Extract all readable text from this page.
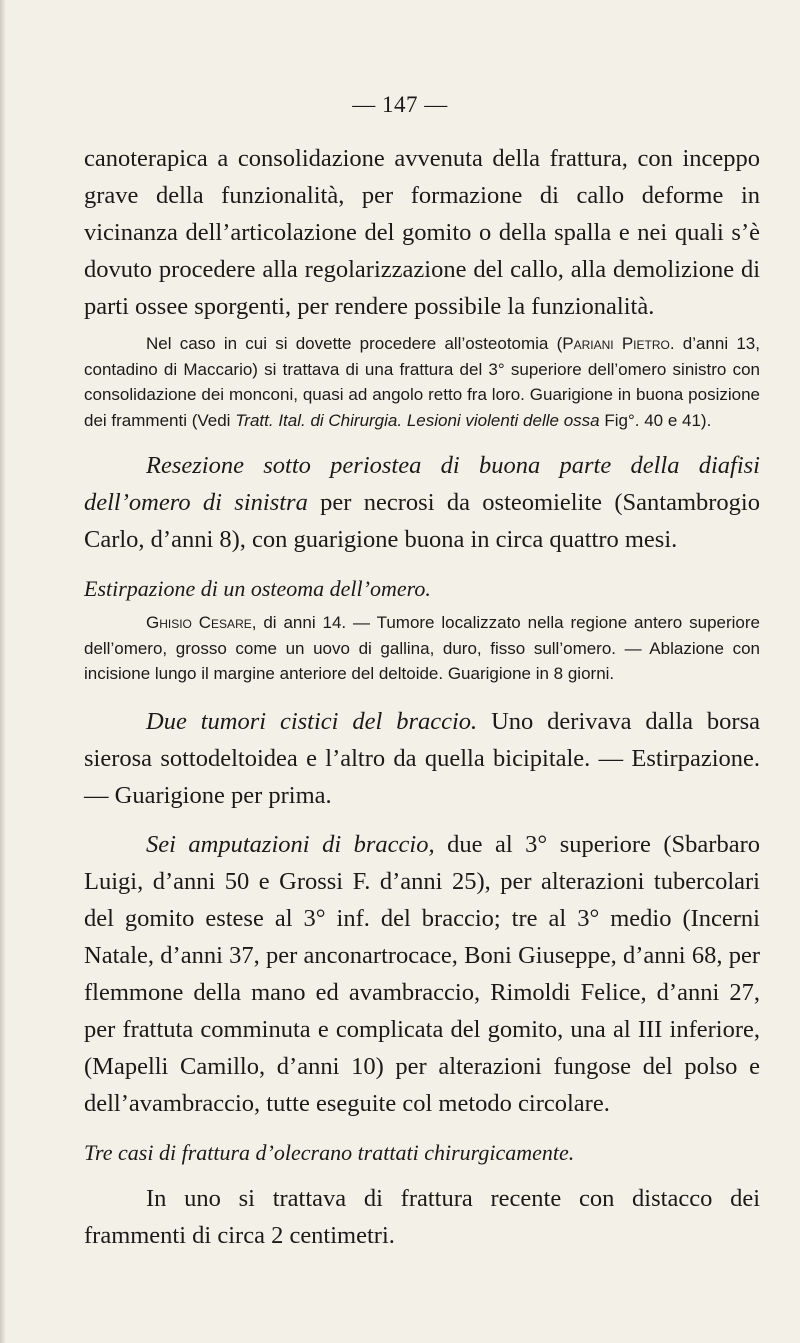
— 147 —

canoterapica a consolidazione avvenuta della frattura, con inceppo grave della funzionalità, per formazione di callo deforme in vicinanza dell’articolazione del gomito o della spalla e nei quali s’è dovuto procedere alla regolarizzazione del callo, alla demolizione di parti ossee sporgenti, per rendere possibile la funzionalità.

Nel caso in cui si dovette procedere all’osteotomia (Pariani Pietro. d’anni 13, contadino di Maccario) si trattava di una frattura del 3° superiore dell’omero sinistro con consolidazione dei monconi, quasi ad angolo retto fra loro. Guarigione in buona posizione dei frammenti (Vedi Tratt. Ital. di Chirurgia. Lesioni violenti delle ossa Fig°. 40 e 41).

Resezione sotto periostea di buona parte della diafisi dell’omero di sinistra per necrosi da osteomielite (Santambrogio Carlo, d’anni 8), con guarigione buona in circa quattro mesi.

Estirpazione di un osteoma dell’omero.

Ghisio Cesare, di anni 14. — Tumore localizzato nella regione antero superiore dell’omero, grosso come un uovo di gallina, duro, fisso sull’omero. — Ablazione con incisione lungo il margine anteriore del deltoide. Guarigione in 8 giorni.

Due tumori cistici del braccio. Uno derivava dalla borsa sierosa sottodeltoidea e l’altro da quella bicipitale. — Estirpazione. — Guarigione per prima.

Sei amputazioni di braccio, due al 3° superiore (Sbarbaro Luigi, d’anni 50 e Grossi F. d’anni 25), per alterazioni tubercolari del gomito estese al 3° inf. del braccio; tre al 3° medio (Incerni Natale, d’anni 37, per anconartrocace, Boni Giuseppe, d’anni 68, per flemmone della mano ed avambraccio, Rimoldi Felice, d’anni 27, per frattuta comminuta e complicata del gomito, una al III inferiore, (Mapelli Camillo, d’anni 10) per alterazioni fungose del polso e dell’avambraccio, tutte eseguite col metodo circolare.

Tre casi di frattura d’olecrano trattati chirurgicamente.

In uno si trattava di frattura recente con distacco dei frammenti di circa 2 centimetri.
